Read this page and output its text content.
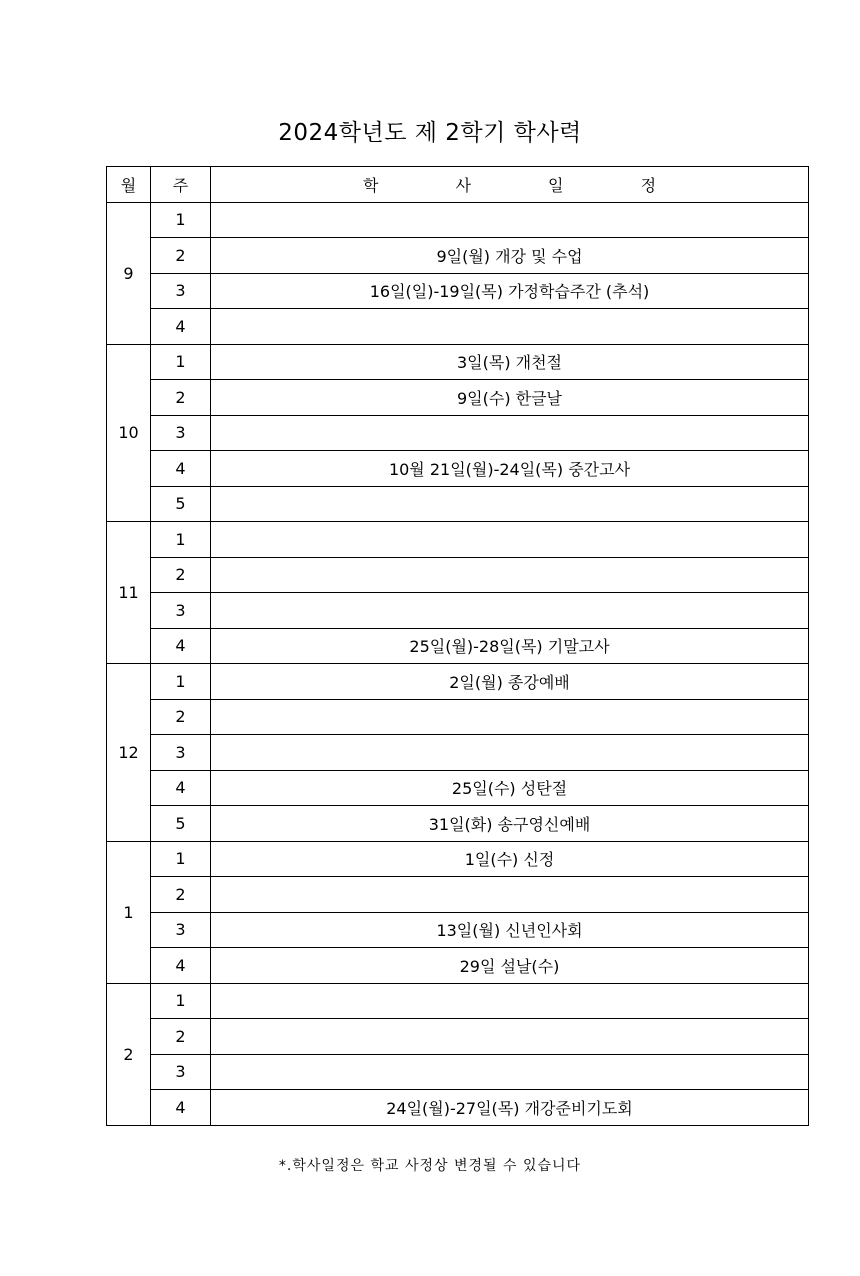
2024학년도 제 2학기 학사력
월	주	학 사 일 정
9	1	
	2	9일(월) 개강 및 수업
	3	16일(일)-19일(목) 가정학습주간 (추석)
	4	
10	1	3일(목) 개천절
	2	9일(수) 한글날
	3	
	4	10월 21일(월)-24일(목) 중간고사
	5	
11	1	
	2	
	3	
	4	25일(월)-28일(목) 기말고사
12	1	2일(월) 종강예배
	2	
	3	
	4	25일(수) 성탄절
	5	31일(화) 송구영신예배
1	1	1일(수) 신정
	2	
	3	13일(월) 신년인사회
	4	29일 설날(수)
2	1	
	2	
	3	
	4	24일(월)-27일(목) 개강준비기도회
*.학사일정은 학교 사정상 변경될 수 있습니다
